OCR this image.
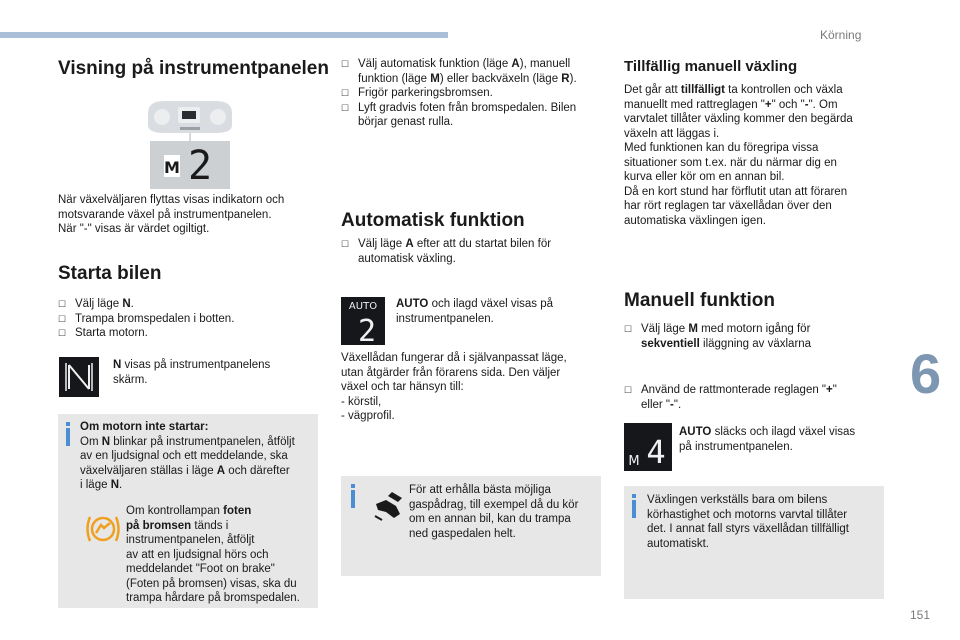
Körning
6
151
Visning på instrumentpanelen
M 2
När växelväljaren flyttas visas indikatorn och
motsvarande växel på instrumentpanelen.
När "-" visas är värdet ogiltigt.
Starta bilen
☐ Välj läge N.
☐ Trampa bromspedalen i botten.
☐ Starta motorn.
N visas på instrumentpanelens
skärm.
Om motorn inte startar:
Om N blinkar på instrumentpanelen, åtföljt
av en ljudsignal och ett meddelande, ska
växelväljaren ställas i läge A och därefter
i läge N.
Om kontrollampan foten
på bromsen tänds i
instrumentpanelen, åtföljt
av att en ljudsignal hörs och
meddelandet "Foot on brake"
(Foten på bromsen) visas, ska du
trampa hårdare på bromspedalen.
☐ Välj automatisk funktion (läge A), manuell
funktion (läge M) eller backväxeln (läge R).
☐ Frigör parkeringsbromsen.
☐ Lyft gradvis foten från bromspedalen. Bilen
börjar genast rulla.
Automatisk funktion
☐ Välj läge A efter att du startat bilen för
automatisk växling.
AUTO
2
AUTO och ilagd växel visas på
instrumentpanelen.
Växellådan fungerar då i självanpassat läge,
utan åtgärder från förarens sida. Den väljer
växel och tar hänsyn till:
- körstil,
- vägprofil.
För att erhålla bästa möjliga
gaspådrag, till exempel då du kör
om en annan bil, kan du trampa
ned gaspedalen helt.
Tillfällig manuell växling
Det går att tillfälligt ta kontrollen och växla
manuellt med rattreglagen "+" och "-". Om
varvtalet tillåter växling kommer den begärda
växeln att läggas i.
Med funktionen kan du föregripa vissa
situationer som t.ex. när du närmar dig en
kurva eller kör om en annan bil.
Då en kort stund har förflutit utan att föraren
har rört reglagen tar växellådan över den
automatiska växlingen igen.
Manuell funktion
☐ Välj läge M med motorn igång för
sekventiell iläggning av växlarna
☐ Använd de rattmonterade reglagen "+"
eller "-".
M 4
AUTO släcks och ilagd växel visas
på instrumentpanelen.
Växlingen verkställs bara om bilens
körhastighet och motorns varvtal tillåter
det. I annat fall styrs växellådan tillfälligt
automatiskt.
